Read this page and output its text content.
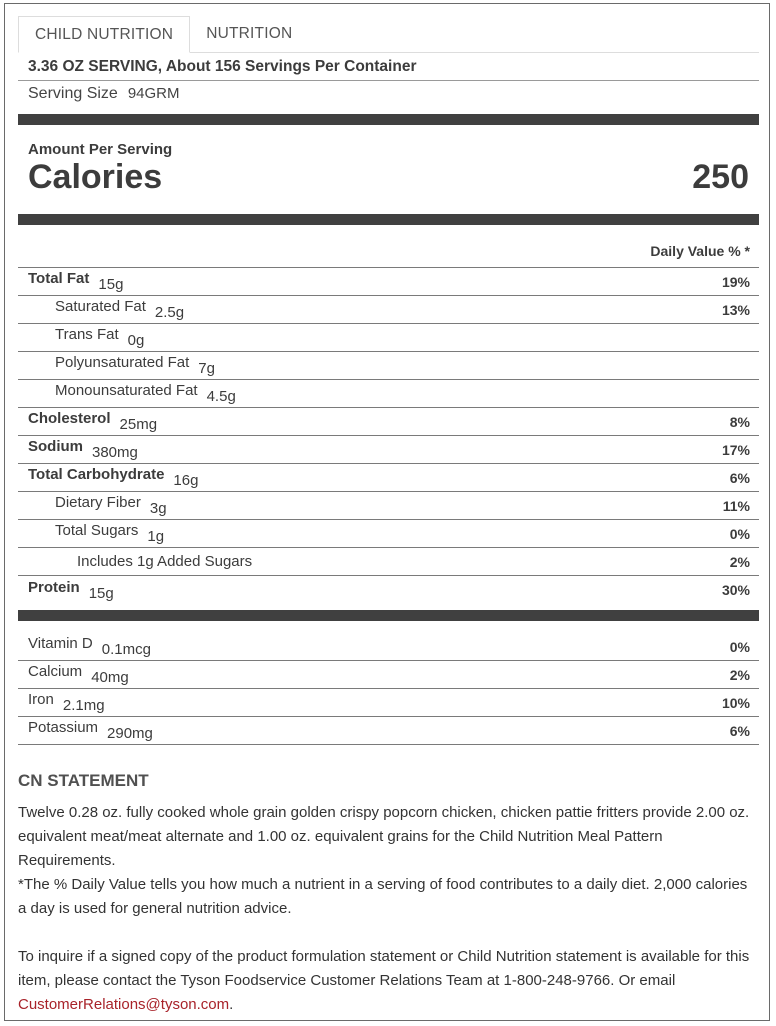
CHILD NUTRITION	NUTRITION
3.36 OZ SERVING, About 156 Servings Per Container
Serving Size 94GRM
Amount Per Serving
Calories	250
Daily Value % *
Total Fat 15g	19%
Saturated Fat 2.5g	13%
Trans Fat 0g
Polyunsaturated Fat 7g
Monounsaturated Fat 4.5g
Cholesterol 25mg	8%
Sodium 380mg	17%
Total Carbohydrate 16g	6%
Dietary Fiber 3g	11%
Total Sugars 1g	0%
Includes 1g Added Sugars	2%
Protein 15g	30%
Vitamin D 0.1mcg	0%
Calcium 40mg	2%
Iron 2.1mg	10%
Potassium 290mg	6%
CN STATEMENT

Twelve 0.28 oz. fully cooked whole grain golden crispy popcorn chicken, chicken pattie fritters provide 2.00 oz. equivalent meat/meat alternate and 1.00 oz. equivalent grains for the Child Nutrition Meal Pattern Requirements.

*The % Daily Value tells you how much a nutrient in a serving of food contributes to a daily diet. 2,000 calories a day is used for general nutrition advice.

To inquire if a signed copy of the product formulation statement or Child Nutrition statement is available for this item, please contact the Tyson Foodservice Customer Relations Team at 1-800-248-9766. Or email CustomerRelations@tyson.com.
